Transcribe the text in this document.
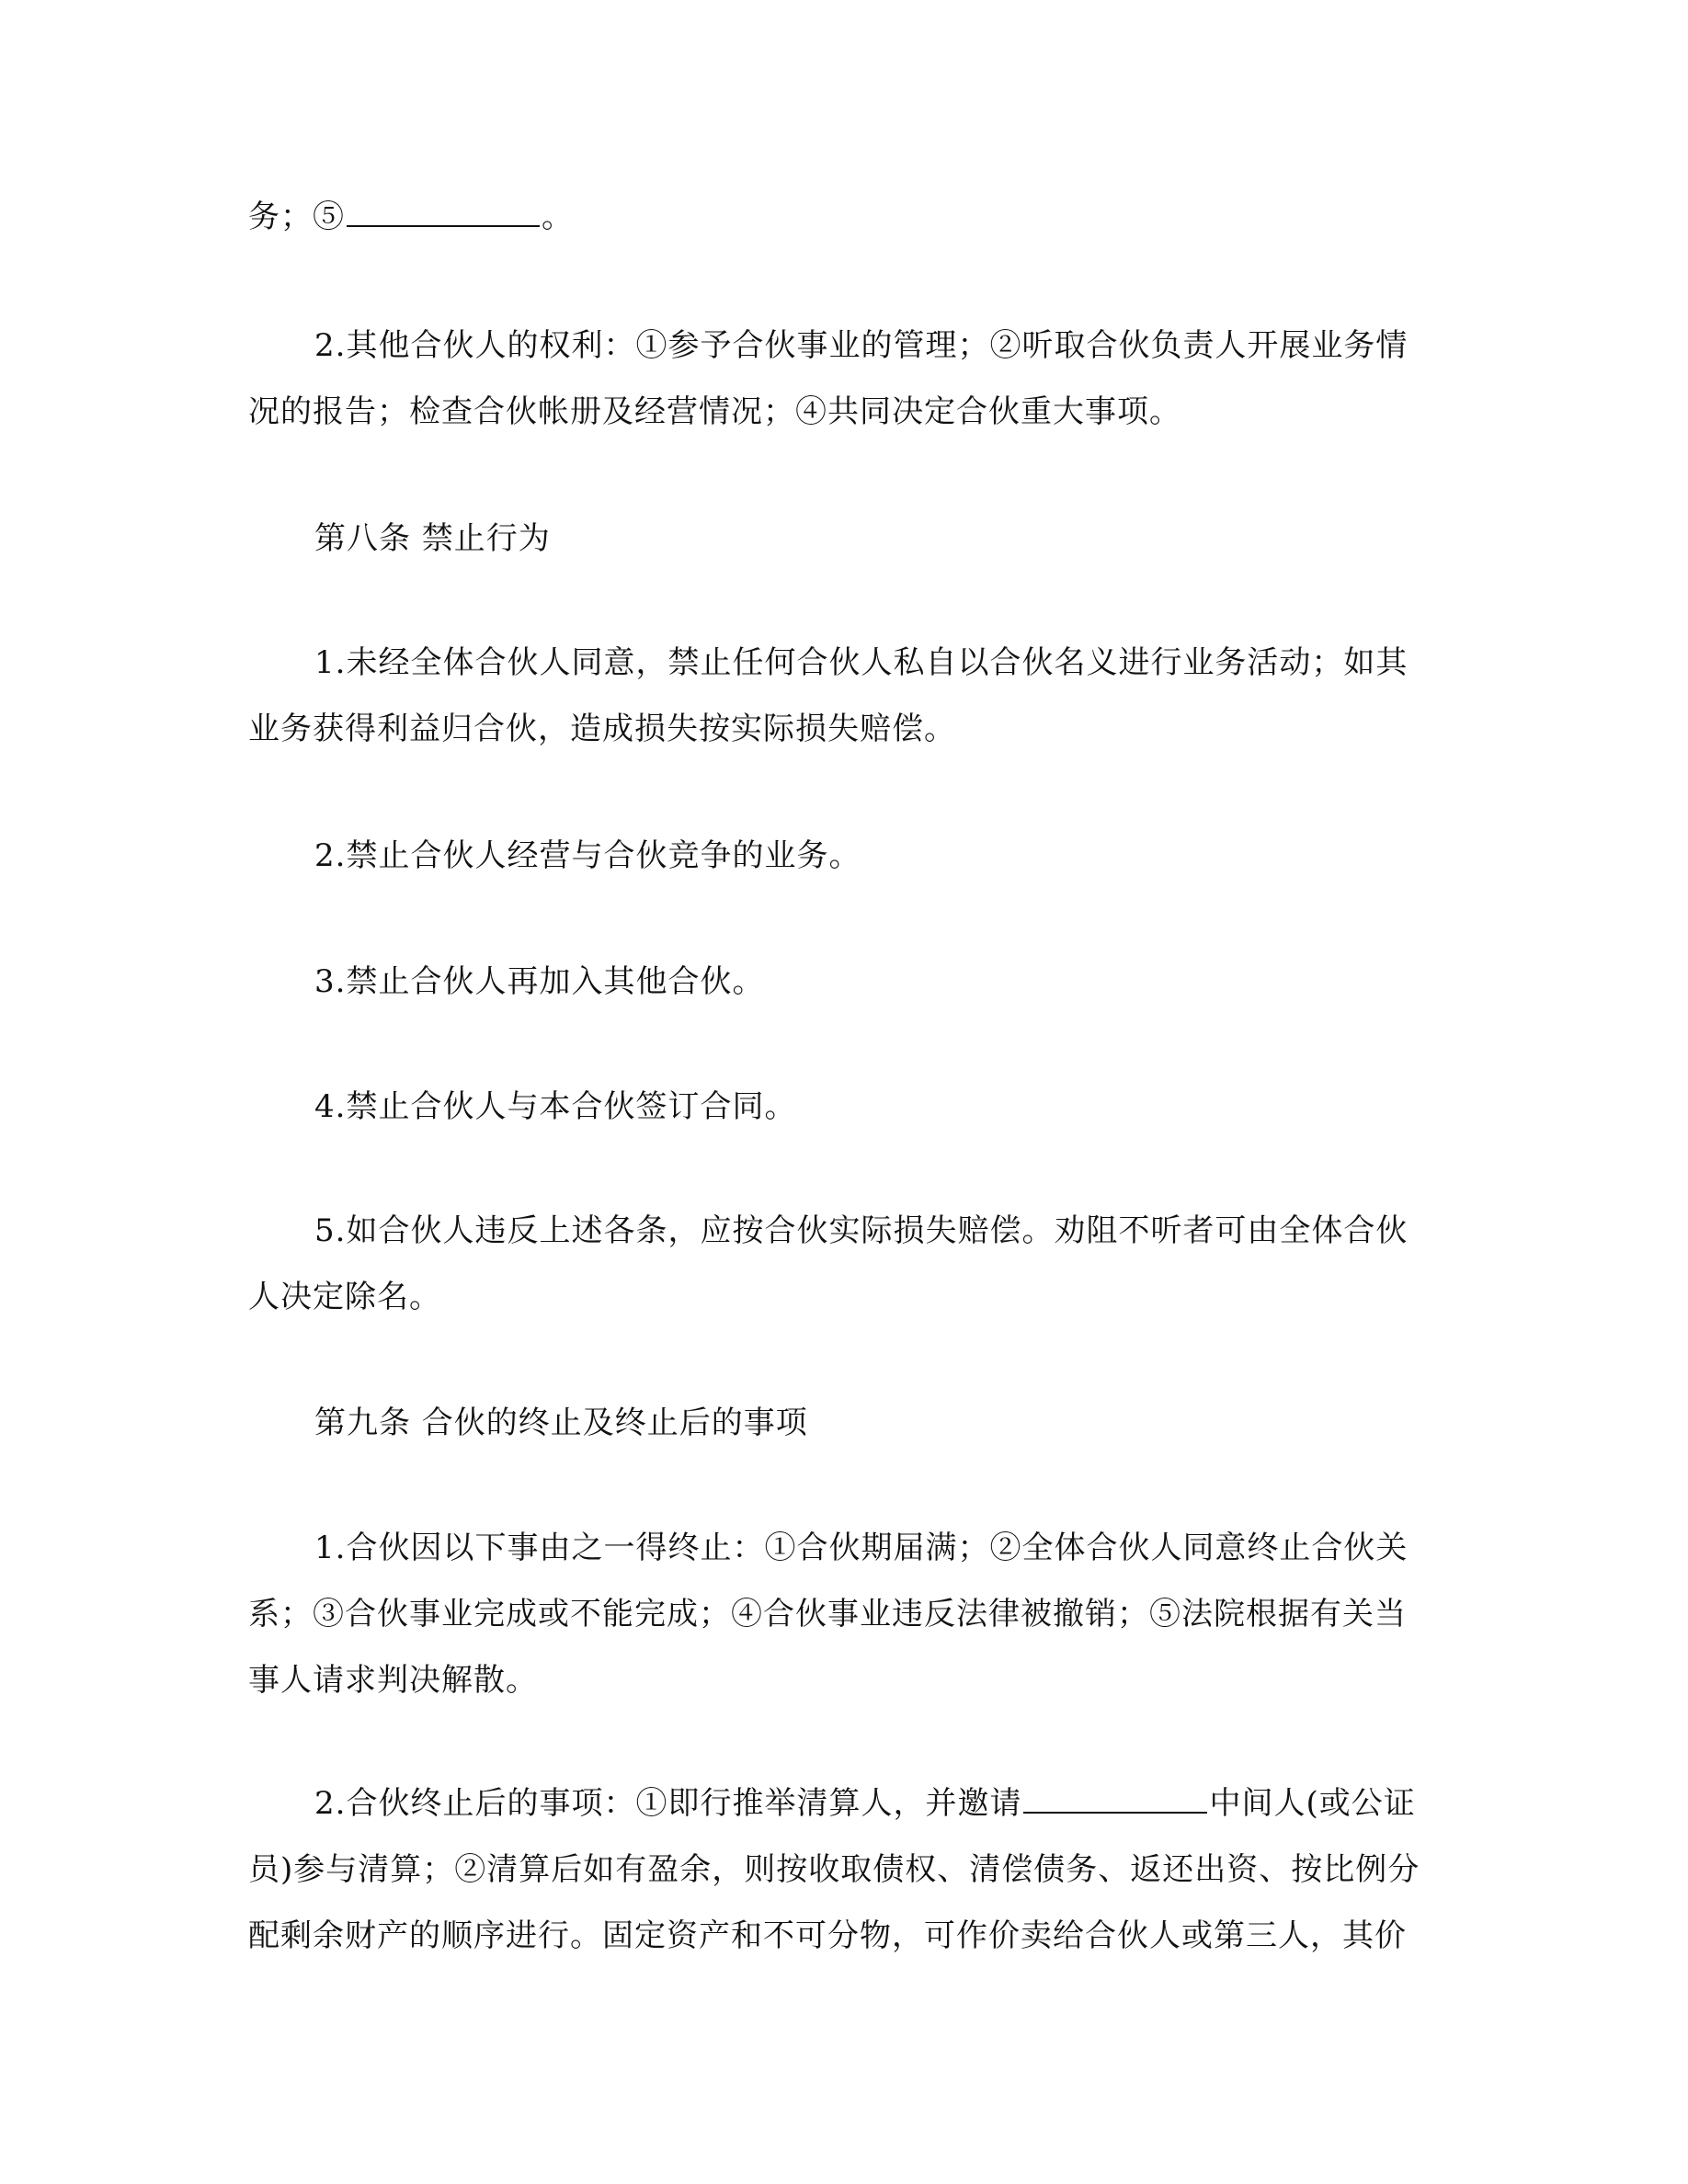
务；⑤	。

2.其他合伙人的权利：①参予合伙事业的管理；②听取合伙负责人开展业务情
况的报告；检查合伙帐册及经营情况；④共同决定合伙重大事项。

第八条 禁止行为

1.未经全体合伙人同意，禁止任何合伙人私自以合伙名义进行业务活动；如其
业务获得利益归合伙，造成损失按实际损失赔偿。

2.禁止合伙人经营与合伙竞争的业务。

3.禁止合伙人再加入其他合伙。

4.禁止合伙人与本合伙签订合同。

5.如合伙人违反上述各条，应按合伙实际损失赔偿。劝阻不听者可由全体合伙
人决定除名。

第九条 合伙的终止及终止后的事项

1.合伙因以下事由之一得终止：①合伙期届满；②全体合伙人同意终止合伙关
系；③合伙事业完成或不能完成；④合伙事业违反法律被撤销；⑤法院根据有关当
事人请求判决解散。

2.合伙终止后的事项：①即行推举清算人，并邀请	中间人(或公证
员)参与清算；②清算后如有盈余，则按收取债权、清偿债务、返还出资、按比例分
配剩余财产的顺序进行。固定资产和不可分物，可作价卖给合伙人或第三人，其价
